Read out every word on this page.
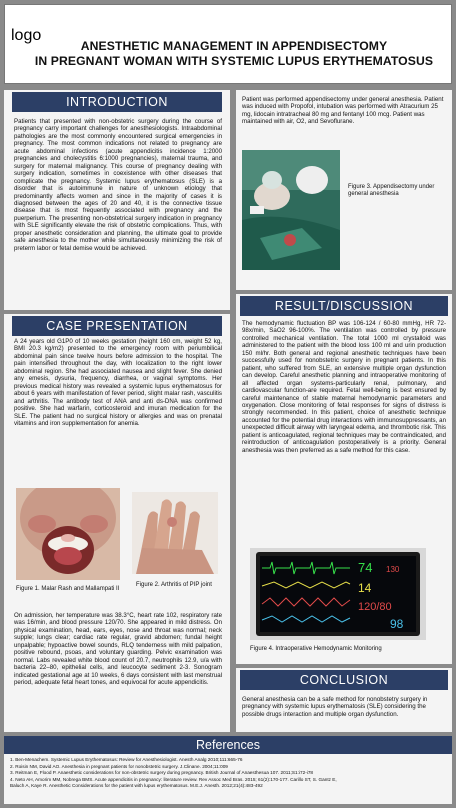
logo
ANESTHETIC MANAGEMENT IN APPENDISECTOMY
IN PREGNANT WOMAN WITH SYSTEMIC LUPUS ERYTHEMATOSUS
INTRODUCTION
Patients that presented with non-obstetric surgery during the course of pregnancy carry important challenges for anesthesiologists. Intraabdominal pathologies are the most commonly encountered surgical emergencies in pregnancy. The most common indications not related to pregnancy are acute abdominal infections (acute appendicitis incidence 1:2000 pregnancies and cholecystitis 6:1000 pregnancies), maternal trauma, and surgery for maternal malignancy. This course of pregnancy dealing with surgery indication, sometimes in coexistence with other diseases that complicate the pregnancy. Systemic lupus erythematosus (SLE) is a disorder that is autoimmune in nature of unknown etiology that predominantly affects women and since in the majority of cases it is diagnosed between the ages of 20 and 40, it is the connective tissue disease that is most frequently associated with pregnancy and the puerperium. The presenting non-obstetrical surgery indication in pregnancy with SLE significantly elevate the risk of obstetric complications. Thus, with proper anesthetic consideration and planning, the ultimate goal to provide safe anesthesia to the mother while simultaneously minimizing the risk of preterm labor or fetal demise would be achieved.
CASE PRESENTATION
A 24 years old G1P0 of 10 weeks gestation (height 160 cm, weight 52 kg, BMI 20.3 kg/m2) presented to the emergency room with periumbilical abdominal pain since twelve hours before admission to the hospital. The pain intensified throughout the day, with localization to the right lower abdominal region. She had associated nausea and slight fever. She denied any emesis, dysuria, frequency, diarrhea, or vaginal symptoms. Her previous medical history was revealed a systemic lupus erythematosus for about 6 years with manifestation of fever period, slight malar rash, vasculitis and arthritis. The antibody test of ANA and anti ds-DNA was confirmed positive. She had warfarin, corticosteroid and imuran medication for the SLE. The patient had no surgical history or allergies and was on prenatal vitamins and iron supplementation for anemia.
Figure 1. Malar Rash and Mallampati II
Figure 2. Arthritis of PIP joint
On admission, her temperature was 38.3°C, heart rate 102, respiratory rate was 16/min, and blood pressure 120/70. She appeared in mild distress. On physical examination, head, ears, eyes, nose and throat was normal; neck supple; lungs clear; cardiac rate regular, gravid abdomen; fundal height unpalpable; hypoactive bowel sounds, RLQ tenderness with mild palpation, positive rebound, psoas, and voluntary guarding. Pelvic examination was normal. Labs revealed white blood count of 20.7, neutrophils 12.9, u/a with bacteria 22–80, epithelial cells, and leucocyte sediment 2-3. Sonogram indicated gestational age at 10 weeks, 6 days consistent with last menstrual period, adequate fetal heart tones, and equivocal for acute appendicitis.
Patient was performed appendisectomy under general anesthesia. Patient was induced with Propofol, intubation was performed with Atracurium 25 mg, lidocain intratracheal 80 mg and fentanyl 100 mcg. Patient was maintained with air, O2, and Sevoflurane.
Figure 3. Appendisectomy under general anesthesia
RESULT/DISCUSSION
The hemodynamic fluctuation BP was 106-124 / 60-80 mmHg, HR 72-98x/min, SaO2 96-100%. The ventilation was controlled by pressure controlled mechanical ventilation. The total 1000 ml crystalloid was administered to the patient with the blood loss 100 ml and urin production 150 ml/hr. Both general and regional anesthetic techniques have been successfully used for nonobstetric surgery in pregnant patients. In this patient, who suffered from SLE, an extensive multiple organ dysfunction can develop. Careful anesthetic planning and intraoperative monitoring of all affected organ systems-particularly renal, pulmonary, and cardiovascular function-are required. Fetal well-being is best ensured by careful maintenance of stable maternal hemodynamic parameters and oxygenation. Close monitoring of fetal responses for signs of distress is strongly recommended. In this patient, choice of anesthetic technique accounted for the potential drug interactions with immunosuppressants, an unexpected difficult airway with laryngeal edema, and thrombotic risk. This patient is anticoagulated, regional techniques may be contraindicated, and reintroduction of anticoagulation postoperatively is a priority. General anesthesia was then preferred as a safe method for this case.
74 130
14
120/80
98
Figure 4. Intraoperative Hemodynamic Monitoring
CONCLUSION
General anesthesia can be a safe method for nonobstetry surgery in pregnancy with systemic lupus erythematosis (SLE) considering the possible drugs interaction and multiple organ dysfunction.
References
1. Ben-Menachem. Systemic Lupus Erythematosus: Review for Anesthesiologist. Anesth Analg 2010;111:665-76
2. Roisin NM, David AO. Anesthesia in pregnant patients for nonobstetric surgery. J.Clinane. 2004;11:009
3. Reitman E, Flood P. Anaesthetic considerations for non-obstetric surgery during pregnancy. British Journal of Anaesthesua 107. 2011;S1:i72-i78
4. Neto AH, Amorim MM, Nobrega BMS. Acute appendicitis in pregnancy: literature review. Rev Assoc Med Bras. 2015; 61(2):170-177. Carillo ST, S. Gantz E,
Baluch A, Kaye R. Anesthetic Considerations for the patient with lupus erythematosus. M.E.J. Anesth. 2012;21(4):483-492
